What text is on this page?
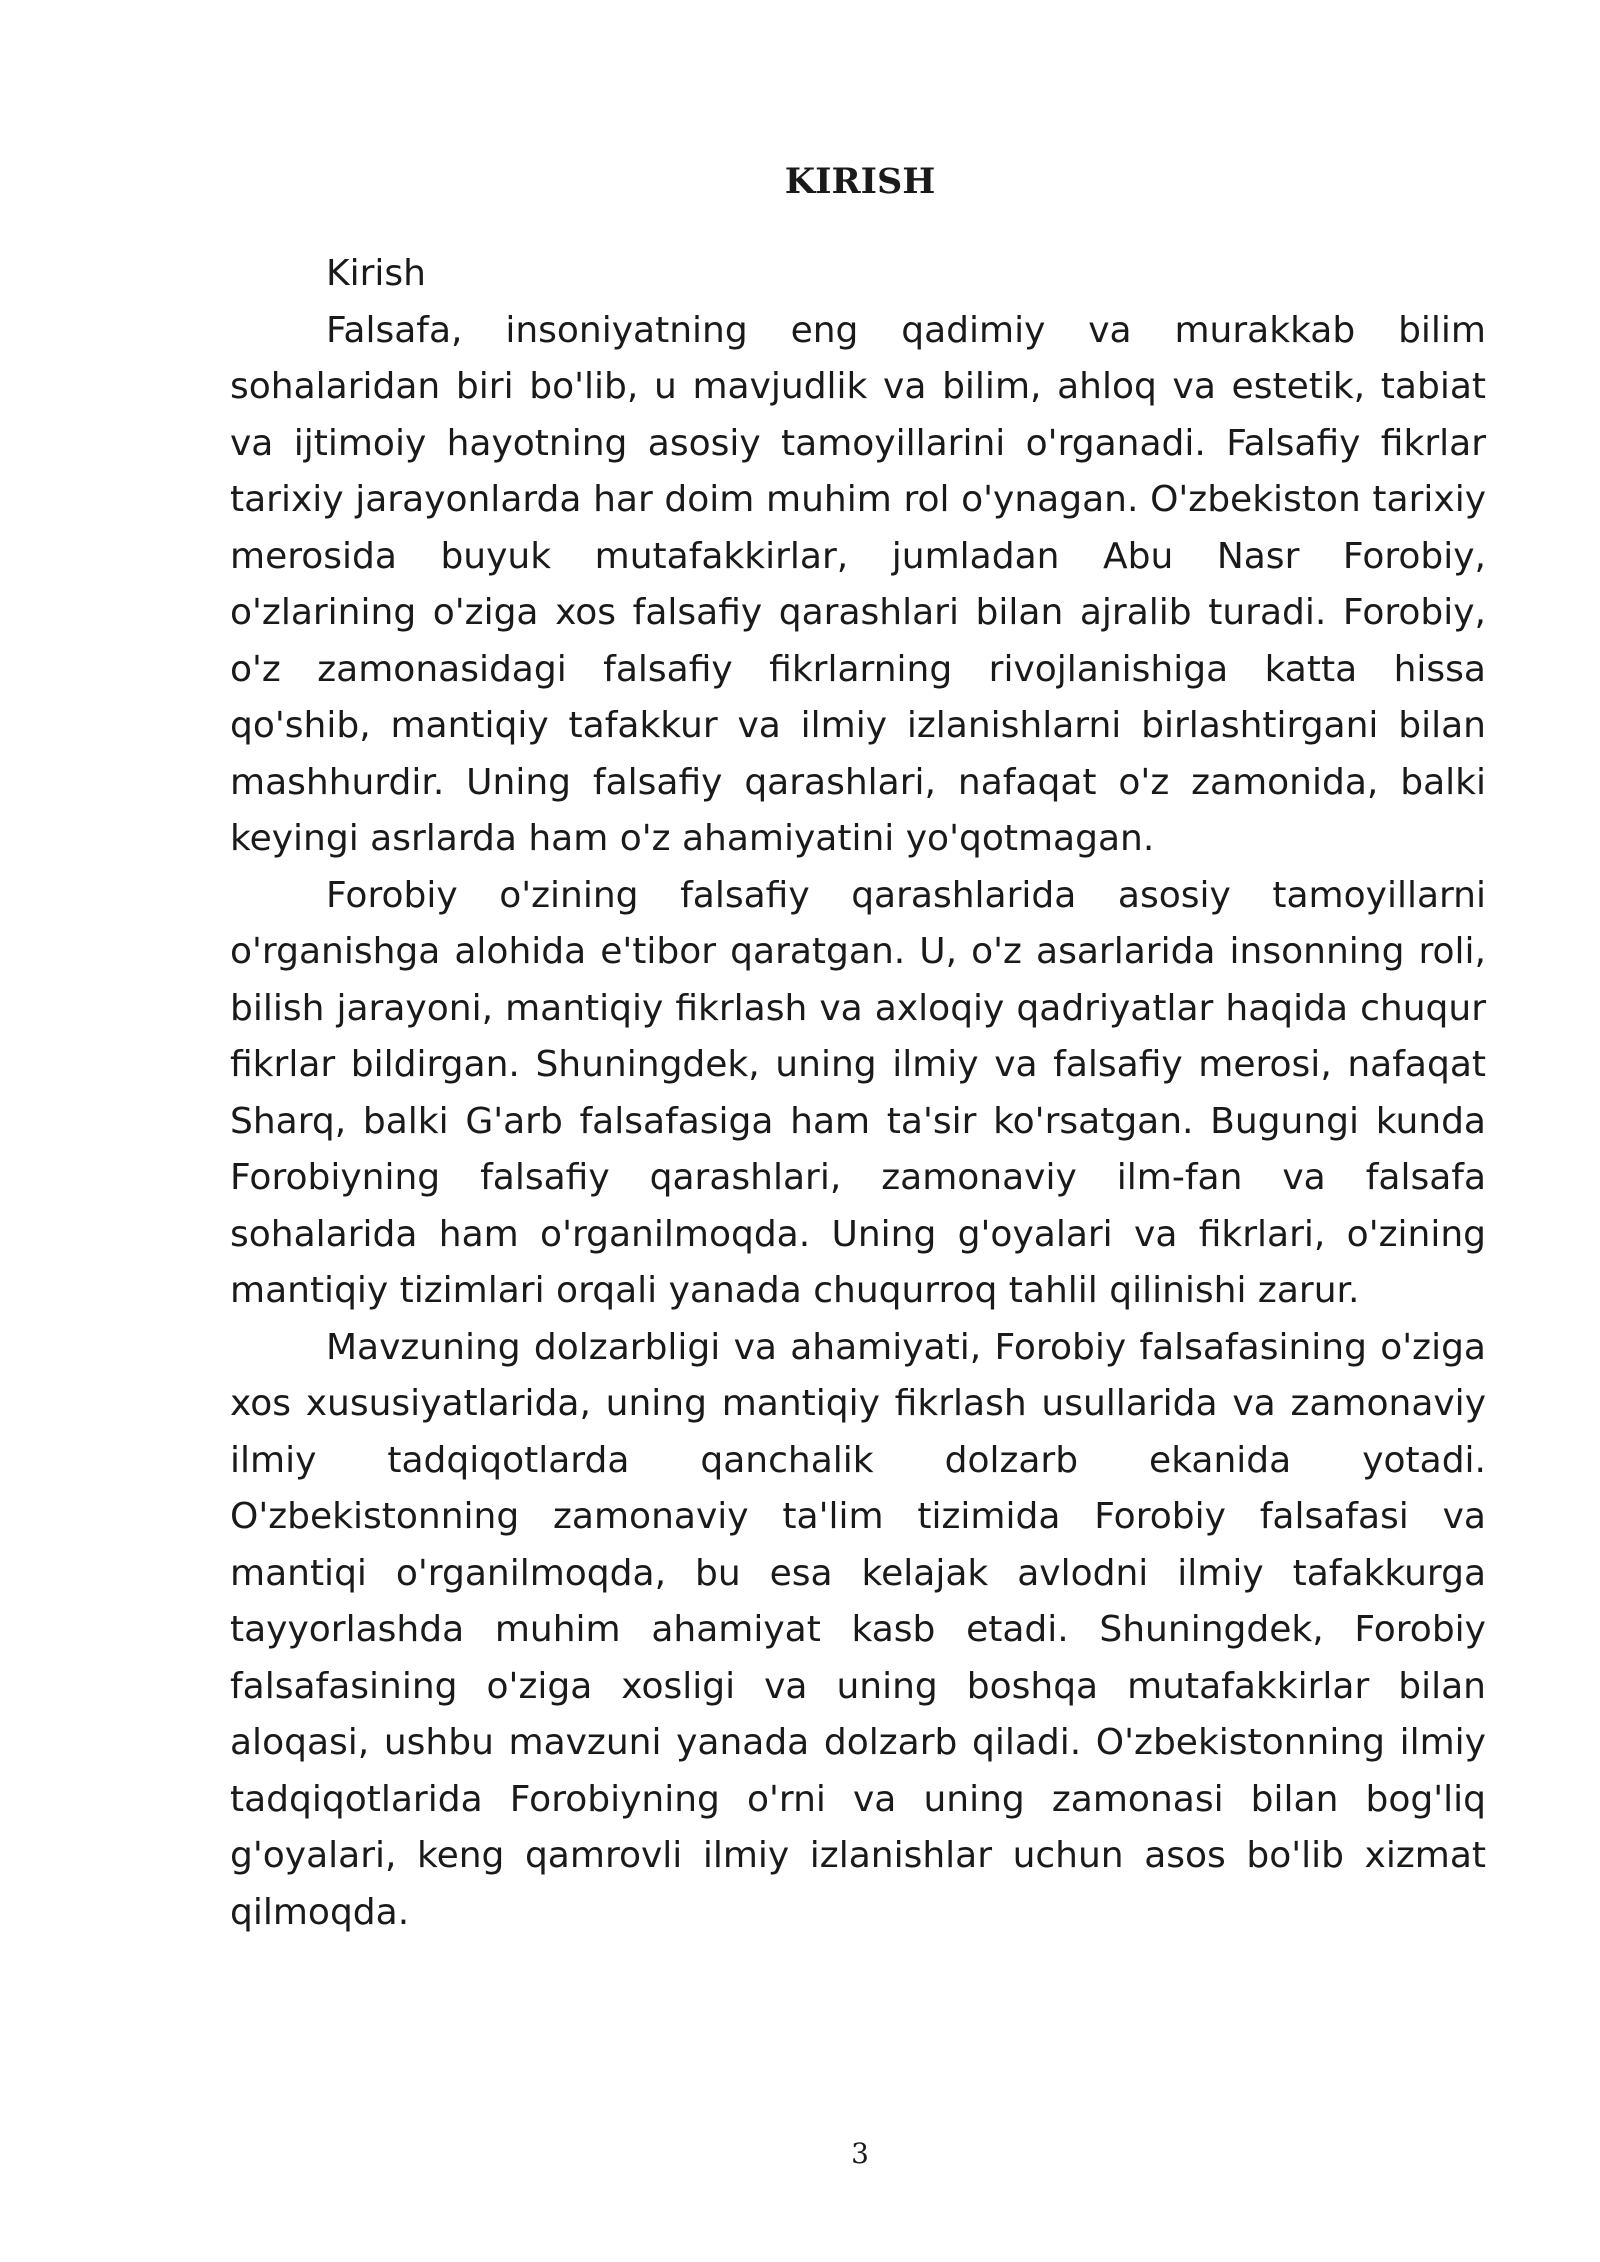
KIRISH

Kirish

Falsafa, insoniyatning eng qadimiy va murakkab bilim sohalaridan biri bo'lib, u mavjudlik va bilim, ahloq va estetik, tabiat va ijtimoiy hayotning asosiy tamoyillarini o'rganadi. Falsafiy fikrlar tarixiy jarayonlarda har doim muhim rol o'ynagan. O'zbekiston tarixiy merosida buyuk mutafakkirlar, jumladan Abu Nasr Forobiy, o'zlarining o'ziga xos falsafiy qarashlari bilan ajralib turadi. Forobiy, o'z zamonasidagi falsafiy fikrlarning rivojlanishiga katta hissa qo'shib, mantiqiy tafakkur va ilmiy izlanishlarni birlashtirgani bilan mashhurdir. Uning falsafiy qarashlari, nafaqat o'z zamonida, balki keyingi asrlarda ham o'z ahamiyatini yo'qotmagan.

Forobiy o'zining falsafiy qarashlarida asosiy tamoyillarni o'rganishga alohida e'tibor qaratgan. U, o'z asarlarida insonning roli, bilish jarayoni, mantiqiy fikrlash va axloqiy qadriyatlar haqida chuqur fikrlar bildirgan. Shuningdek, uning ilmiy va falsafiy merosi, nafaqat Sharq, balki G'arb falsafasiga ham ta'sir ko'rsatgan. Bugungi kunda Forobiyning falsafiy qarashlari, zamonaviy ilm-fan va falsafa sohalarida ham o'rganilmoqda. Uning g'oyalari va fikrlari, o'zining mantiqiy tizimlari orqali yanada chuqurroq tahlil qilinishi zarur.

Mavzuning dolzarbligi va ahamiyati, Forobiy falsafasining o'ziga xos xususiyatlarida, uning mantiqiy fikrlash usullarida va zamonaviy ilmiy tadqiqotlarda qanchalik dolzarb ekanida yotadi. O'zbekistonning zamonaviy ta'lim tizimida Forobiy falsafasi va mantiqi o'rganilmoqda, bu esa kelajak avlodni ilmiy tafakkurga tayyorlashda muhim ahamiyat kasb etadi. Shuningdek, Forobiy falsafasining o'ziga xosligi va uning boshqa mutafakkirlar bilan aloqasi, ushbu mavzuni yanada dolzarb qiladi. O'zbekistonning ilmiy tadqiqotlarida Forobiyning o'rni va uning zamonasi bilan bog'liq g'oyalari, keng qamrovli ilmiy izlanishlar uchun asos bo'lib xizmat qilmoqda.

3
